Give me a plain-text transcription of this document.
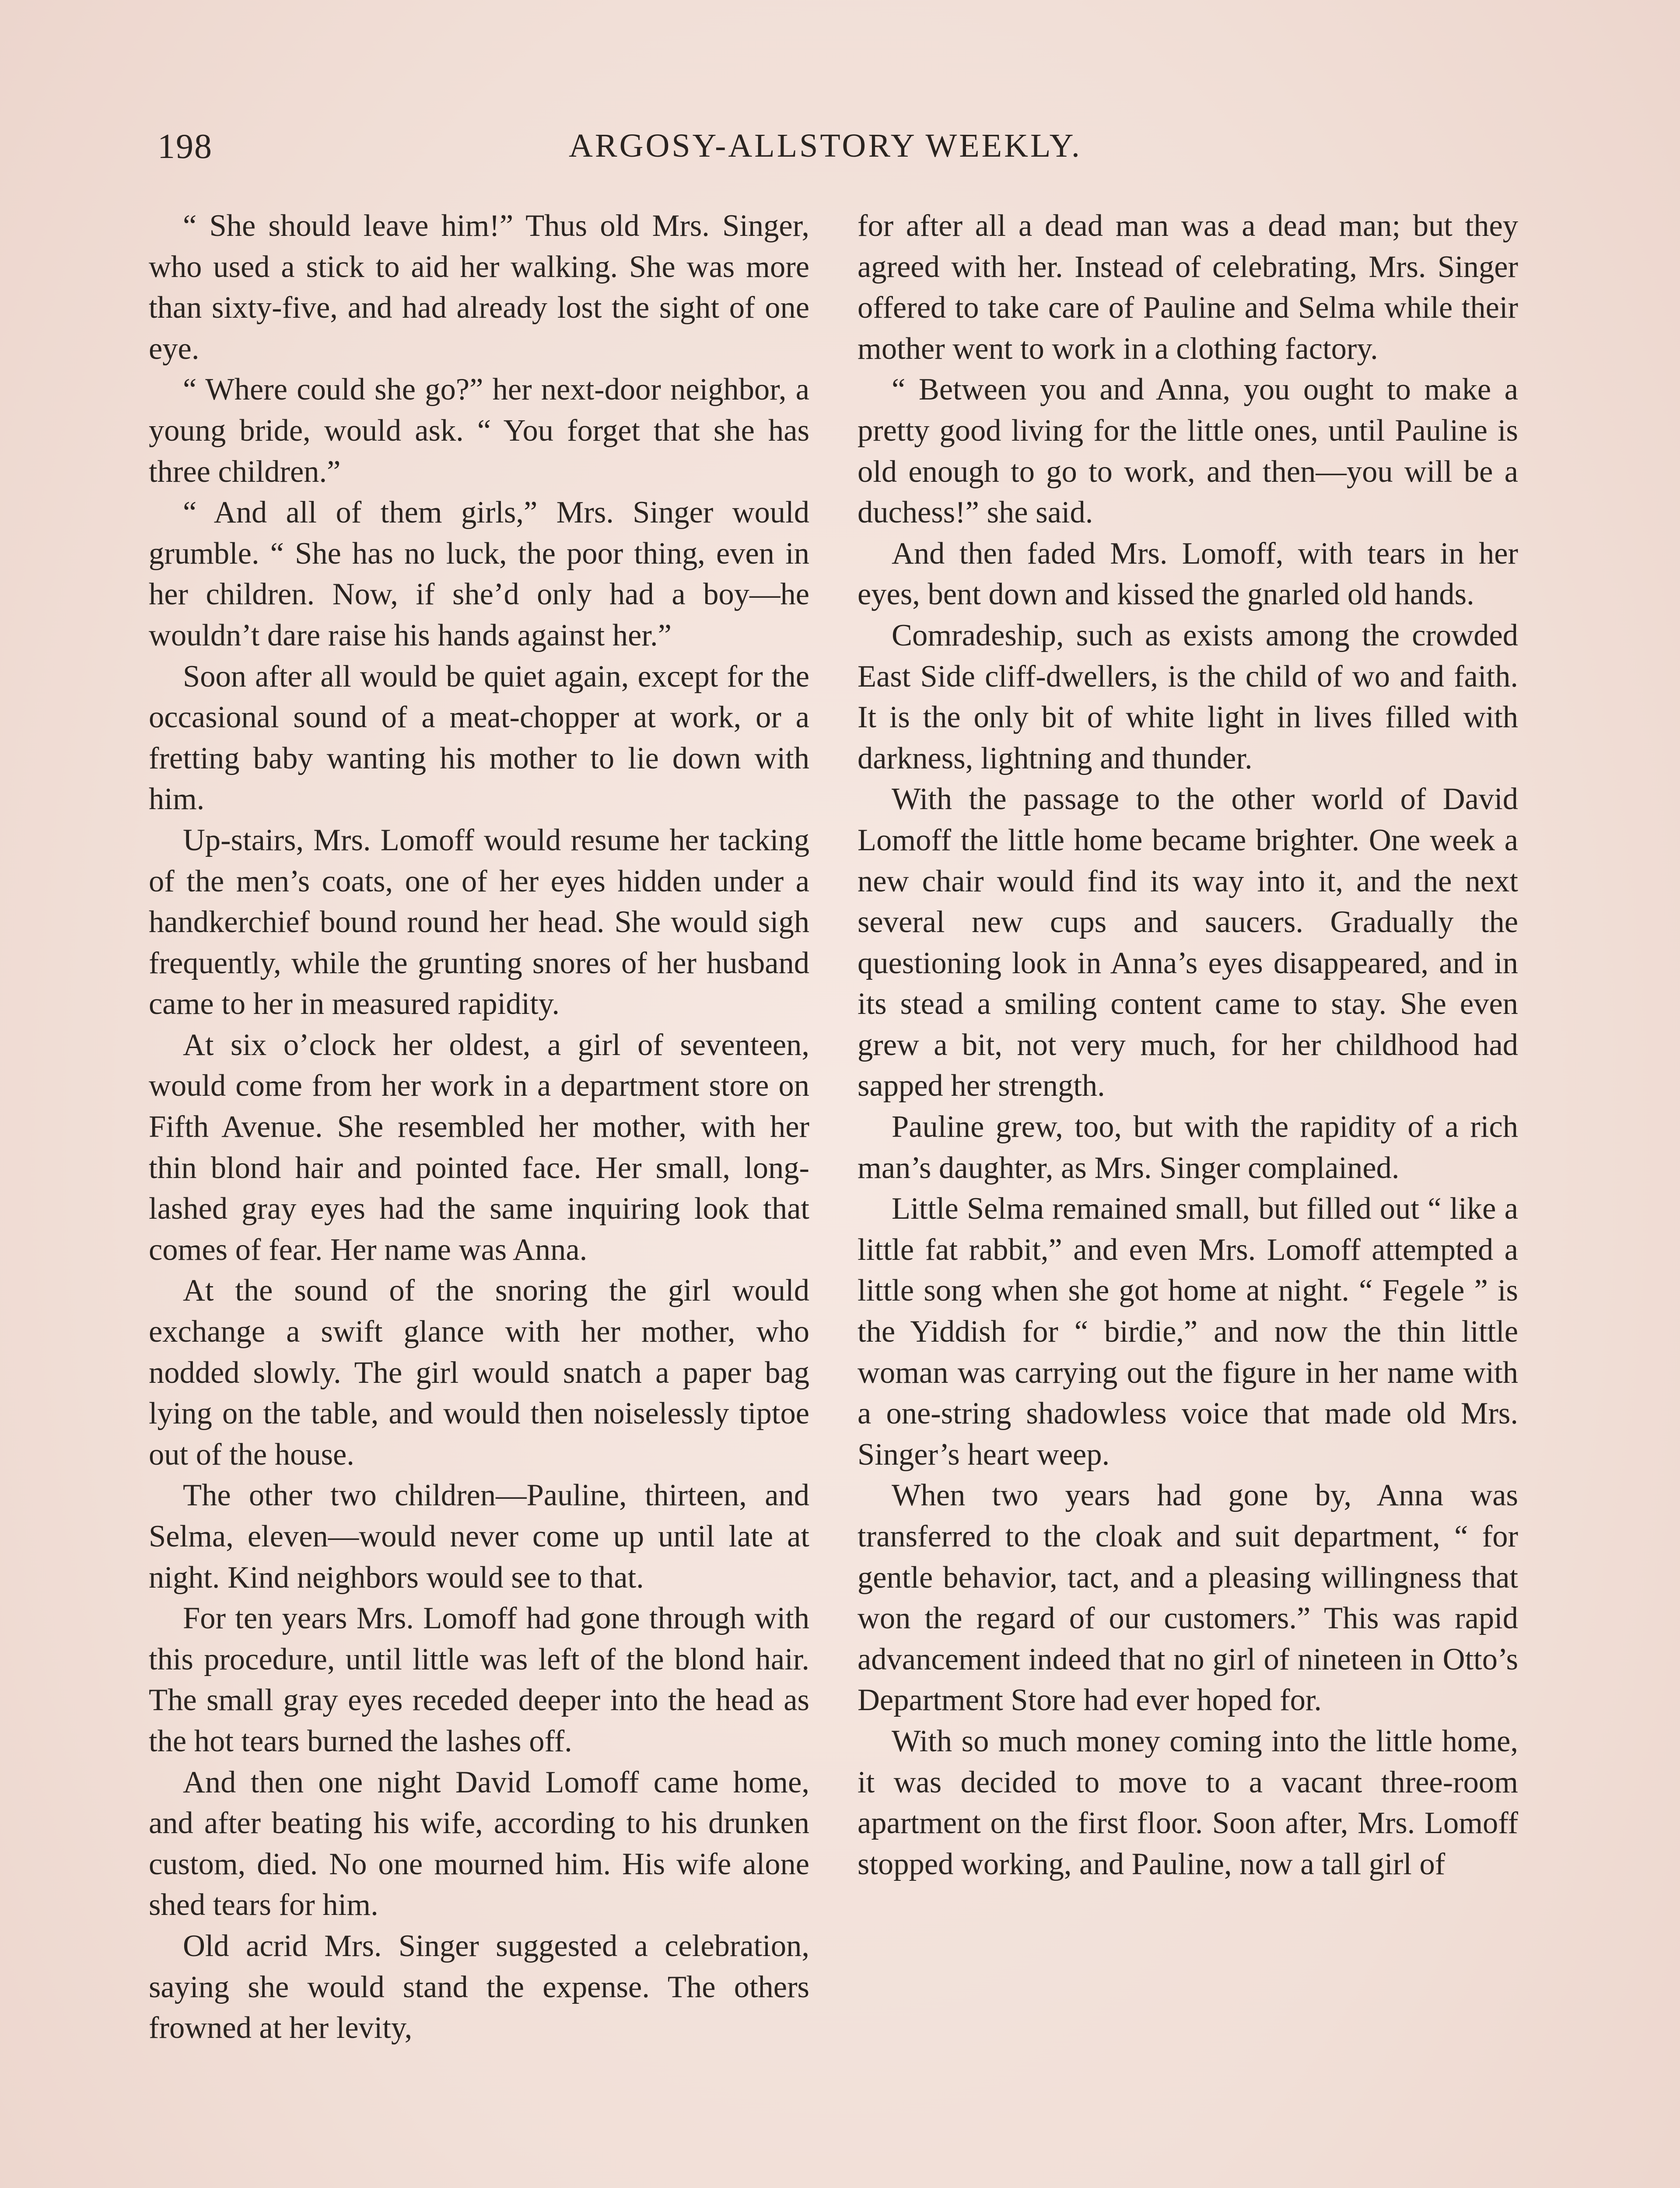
198	ARGOSY-ALLSTORY WEEKLY.

“ She should leave him!” Thus old Mrs. Singer, who used a stick to aid her walking. She was more than sixty-five, and had already lost the sight of one eye.

“ Where could she go?” her next-door neighbor, a young bride, would ask. “ You forget that she has three children.”

“ And all of them girls,” Mrs. Singer would grumble. “ She has no luck, the poor thing, even in her children. Now, if she’d only had a boy—he wouldn’t dare raise his hands against her.”

Soon after all would be quiet again, except for the occasional sound of a meat-chopper at work, or a fretting baby wanting his mother to lie down with him.

Up-stairs, Mrs. Lomoff would resume her tacking of the men’s coats, one of her eyes hidden under a handkerchief bound round her head. She would sigh frequently, while the grunting snores of her husband came to her in measured rapidity.

At six o’clock her oldest, a girl of seventeen, would come from her work in a department store on Fifth Avenue. She resembled her mother, with her thin blond hair and pointed face. Her small, long-lashed gray eyes had the same inquiring look that comes of fear. Her name was Anna.

At the sound of the snoring the girl would exchange a swift glance with her mother, who nodded slowly. The girl would snatch a paper bag lying on the table, and would then noiselessly tiptoe out of the house.

The other two children—Pauline, thirteen, and Selma, eleven—would never come up until late at night. Kind neighbors would see to that.

For ten years Mrs. Lomoff had gone through with this procedure, until little was left of the blond hair. The small gray eyes receded deeper into the head as the hot tears burned the lashes off.

And then one night David Lomoff came home, and after beating his wife, according to his drunken custom, died. No one mourned him. His wife alone shed tears for him.

Old acrid Mrs. Singer suggested a celebration, saying she would stand the expense. The others frowned at her levity,

for after all a dead man was a dead man; but they agreed with her. Instead of celebrating, Mrs. Singer offered to take care of Pauline and Selma while their mother went to work in a clothing factory.

“ Between you and Anna, you ought to make a pretty good living for the little ones, until Pauline is old enough to go to work, and then—you will be a duchess!” she said.

And then faded Mrs. Lomoff, with tears in her eyes, bent down and kissed the gnarled old hands.

Comradeship, such as exists among the crowded East Side cliff-dwellers, is the child of wo and faith. It is the only bit of white light in lives filled with darkness, lightning and thunder.

With the passage to the other world of David Lomoff the little home became brighter. One week a new chair would find its way into it, and the next several new cups and saucers. Gradually the questioning look in Anna’s eyes disappeared, and in its stead a smiling content came to stay. She even grew a bit, not very much, for her childhood had sapped her strength.

Pauline grew, too, but with the rapidity of a rich man’s daughter, as Mrs. Singer complained.

Little Selma remained small, but filled out “ like a little fat rabbit,” and even Mrs. Lomoff attempted a little song when she got home at night. “ Fegele ” is the Yiddish for “ birdie,” and now the thin little woman was carrying out the figure in her name with a one-string shadowless voice that made old Mrs. Singer’s heart weep.

When two years had gone by, Anna was transferred to the cloak and suit department, “ for gentle behavior, tact, and a pleasing willingness that won the regard of our customers.” This was rapid advancement indeed that no girl of nineteen in Otto’s Department Store had ever hoped for.

With so much money coming into the little home, it was decided to move to a vacant three-room apartment on the first floor. Soon after, Mrs. Lomoff stopped working, and Pauline, now a tall girl of
